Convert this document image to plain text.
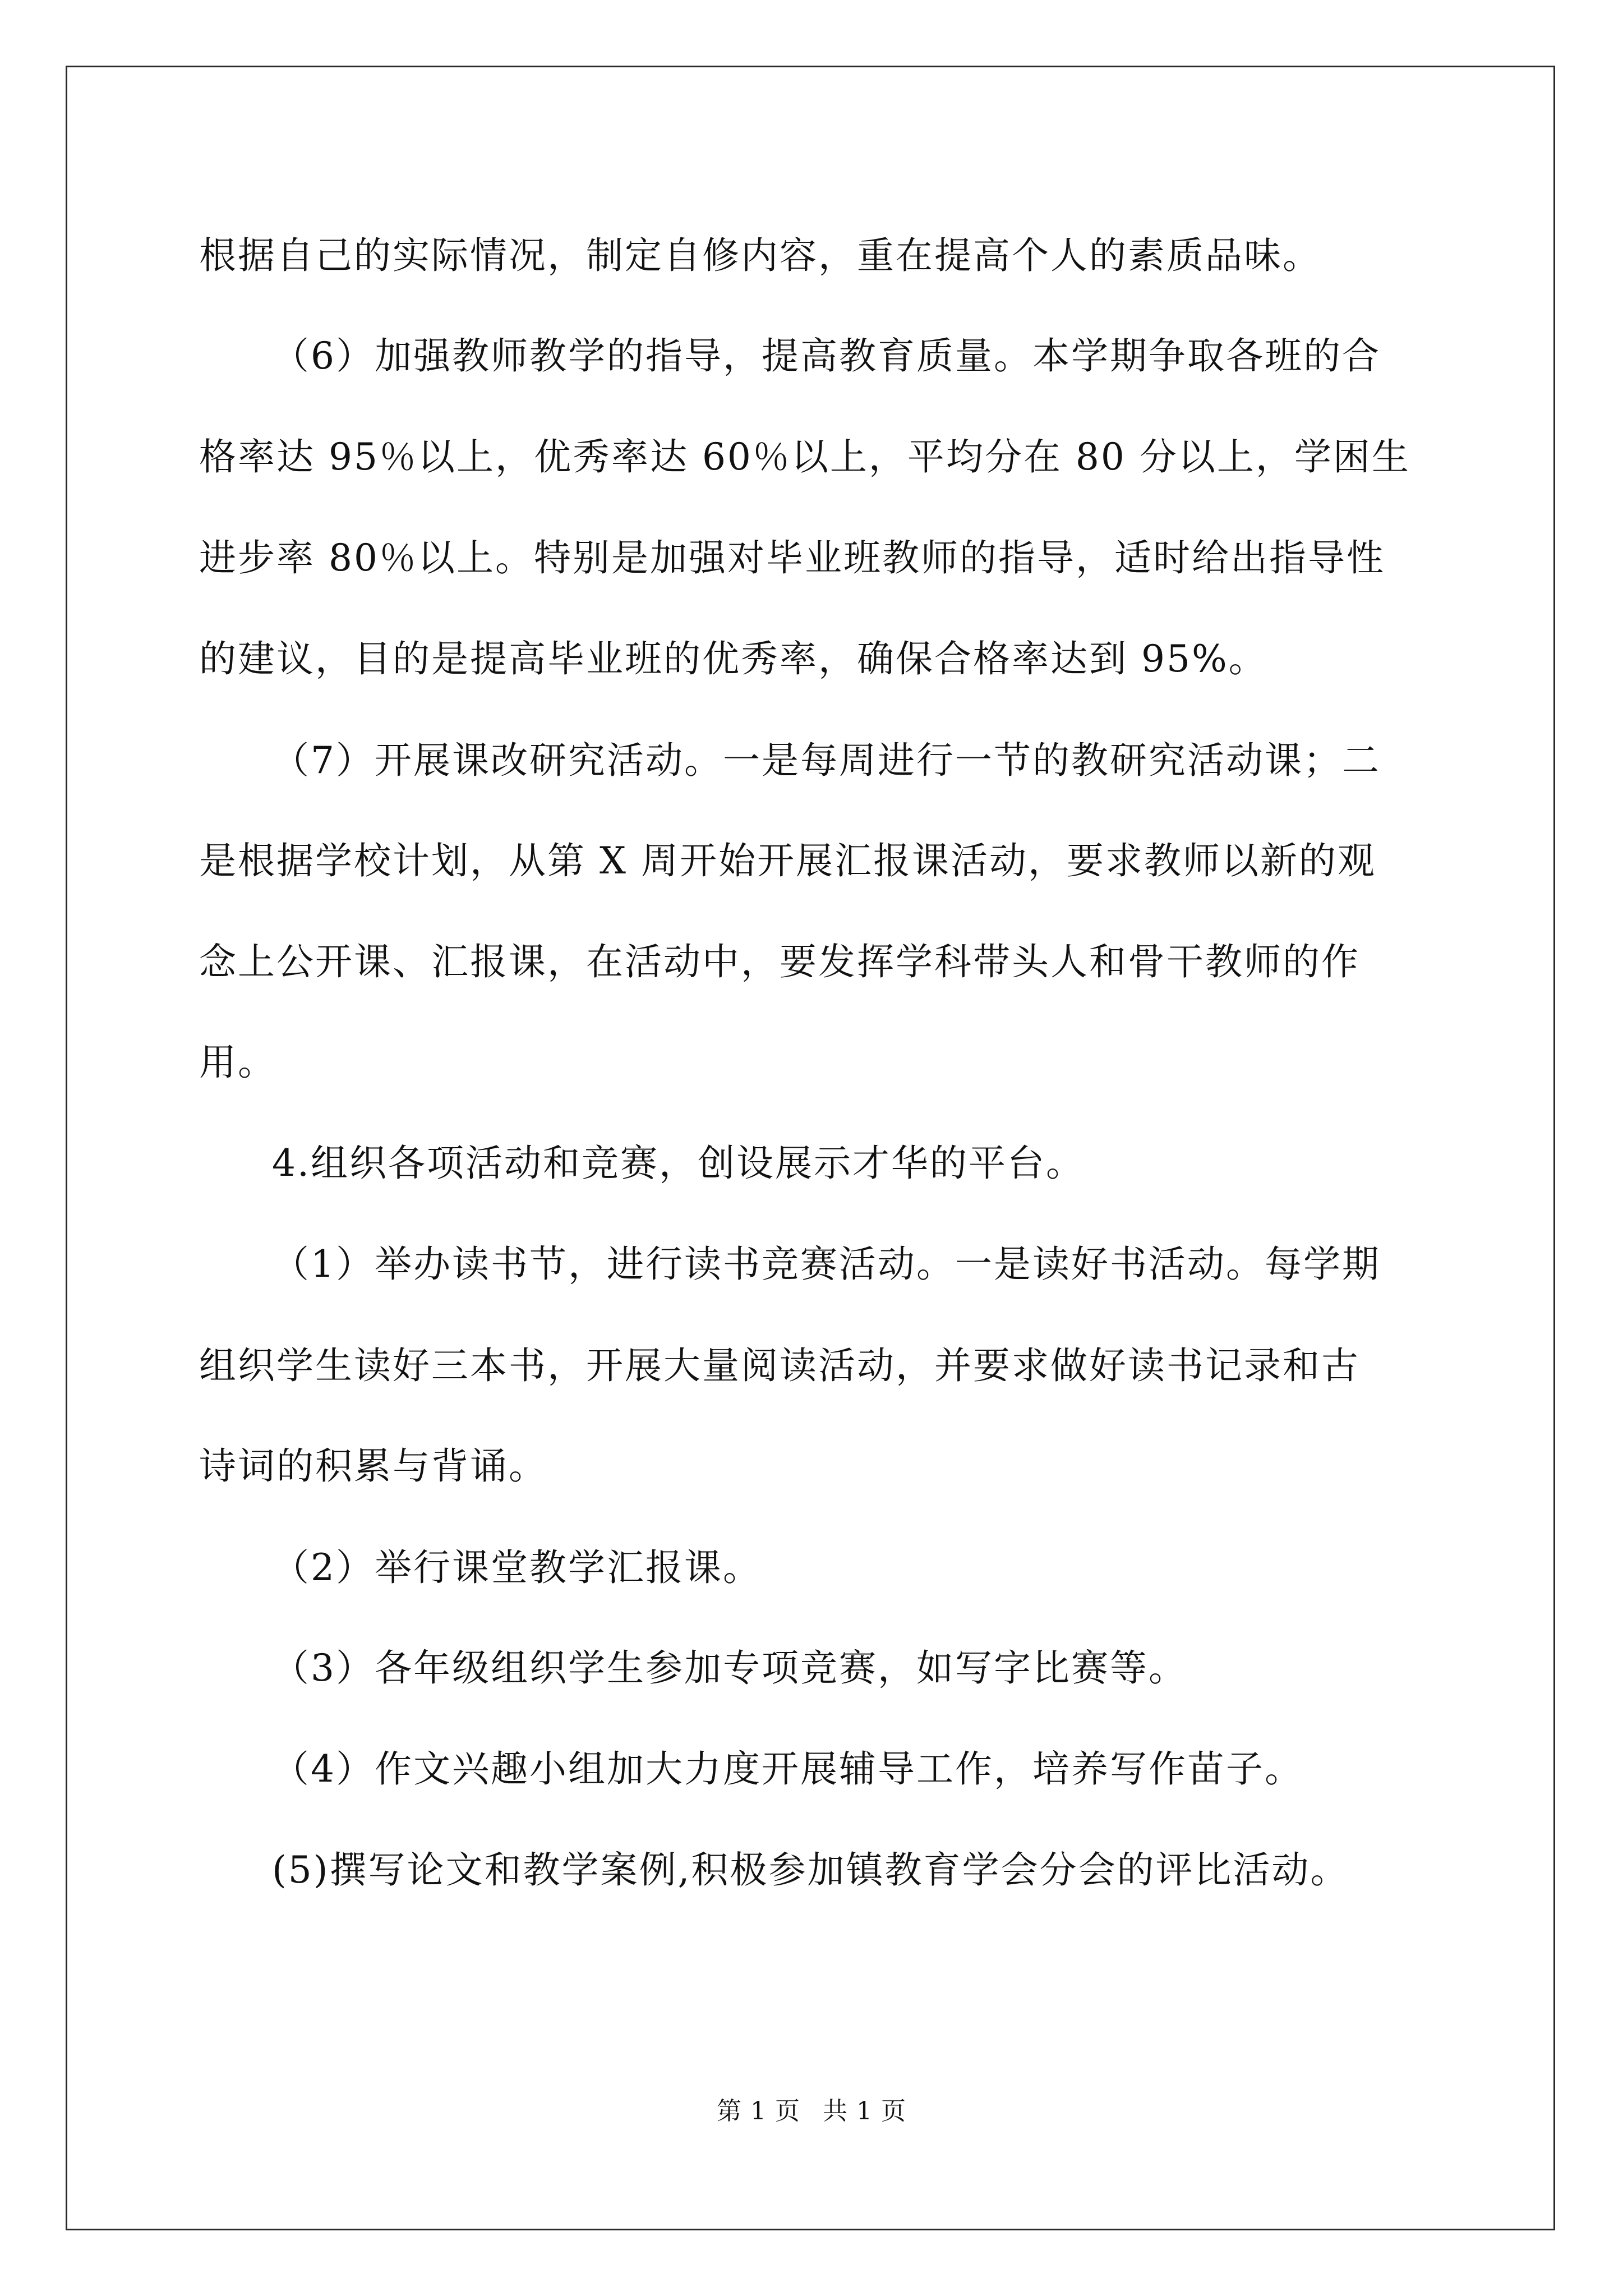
根据自己的实际情况，制定自修内容，重在提高个人的素质品味。
（6）加强教师教学的指导，提高教育质量。本学期争取各班的合
格率达 95％以上，优秀率达 60％以上，平均分在 80 分以上，学困生
进步率 80％以上。特别是加强对毕业班教师的指导，适时给出指导性
的建议，目的是提高毕业班的优秀率，确保合格率达到 95%。
（7）开展课改研究活动。一是每周进行一节的教研究活动课；二
是根据学校计划，从第 X 周开始开展汇报课活动，要求教师以新的观
念上公开课、汇报课，在活动中，要发挥学科带头人和骨干教师的作
用。
4.组织各项活动和竞赛，创设展示才华的平台。
（1）举办读书节，进行读书竞赛活动。一是读好书活动。每学期
组织学生读好三本书，开展大量阅读活动，并要求做好读书记录和古
诗词的积累与背诵。
（2）举行课堂教学汇报课。
（3）各年级组织学生参加专项竞赛，如写字比赛等。
（4）作文兴趣小组加大力度开展辅导工作，培养写作苗子。
(5)撰写论文和教学案例,积极参加镇教育学会分会的评比活动。
第 1 页 共 1 页
